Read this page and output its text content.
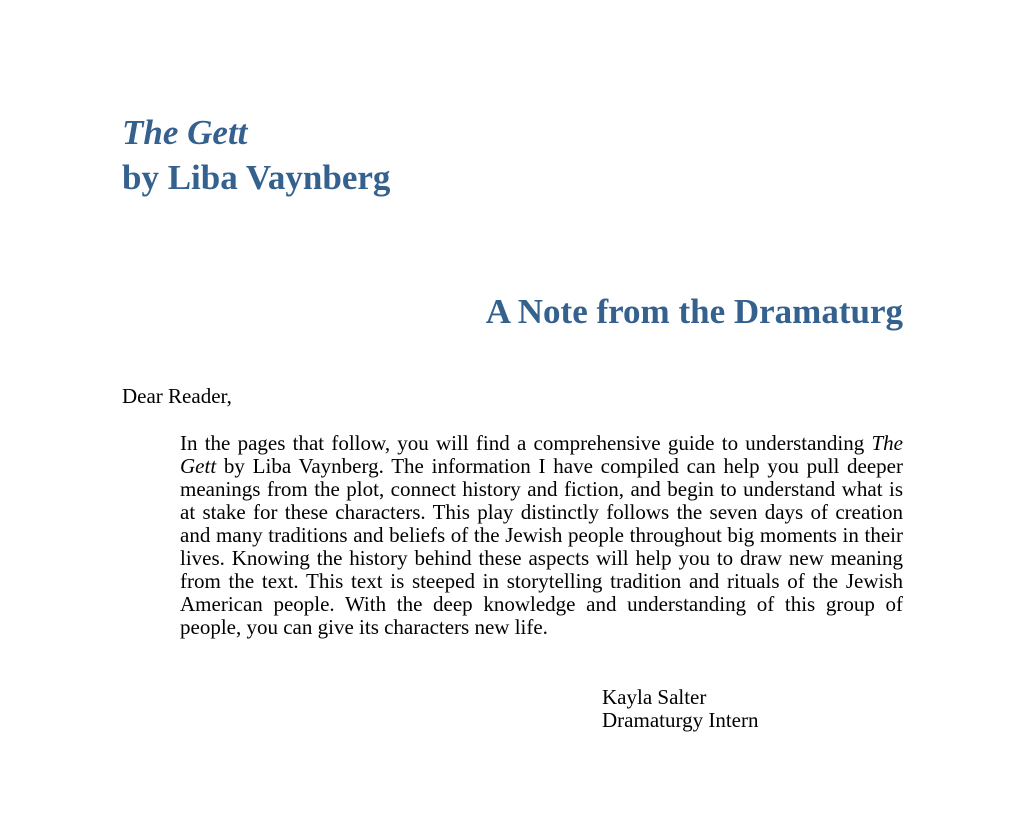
The Gett
by Liba Vaynberg
A Note from the Dramaturg
Dear Reader,

In the pages that follow, you will find a comprehensive guide to understanding The Gett by Liba Vaynberg. The information I have compiled can help you pull deeper meanings from the plot, connect history and fiction, and begin to understand what is at stake for these characters. This play distinctly follows the seven days of creation and many traditions and beliefs of the Jewish people throughout big moments in their lives. Knowing the history behind these aspects will help you to draw new meaning from the text. This text is steeped in storytelling tradition and rituals of the Jewish American people. With the deep knowledge and understanding of this group of people, you can give its characters new life.

Kayla Salter
Dramaturgy Intern
